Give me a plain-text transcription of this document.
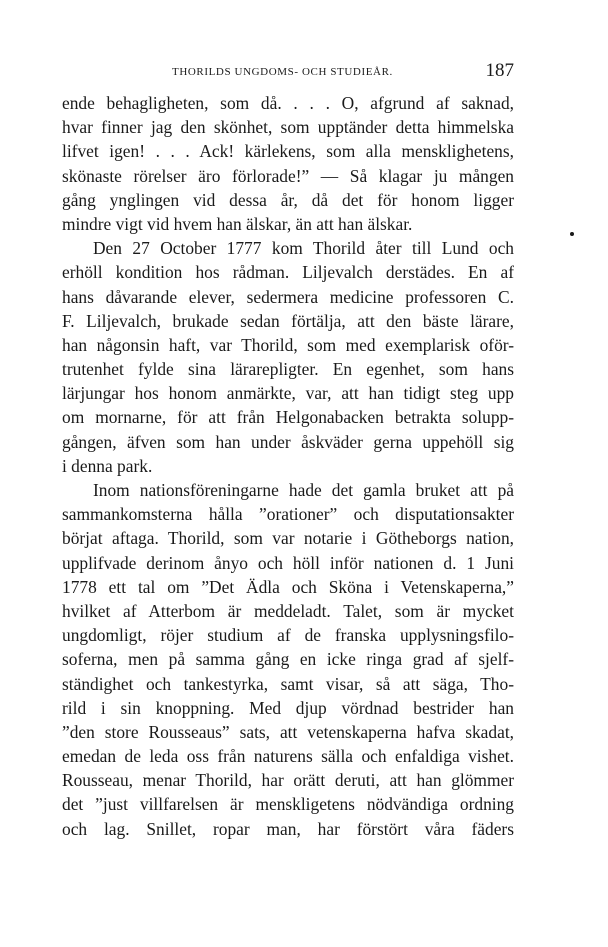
THORILDS UNGDOMS- OCH STUDIEÅR.	187
ende behagligheten, som då. . . . O, afgrund af saknad,
hvar finner jag den skönhet, som upptänder detta himmelska
lifvet igen! . . . Ack! kärlekens, som alla mensklighetens,
skönaste rörelser äro förlorade!” — Så klagar ju mången
gång ynglingen vid dessa år, då det för honom ligger
mindre vigt vid hvem han älskar, än att han älskar.
Den 27 October 1777 kom Thorild åter till Lund och
erhöll kondition hos rådman. Liljevalch derstädes. En af
hans dåvarande elever, sedermera medicine professoren C.
F. Liljevalch, brukade sedan förtälja, att den bäste lärare,
han någonsin haft, var Thorild, som med exemplarisk oför-
trutenhet fylde sina lärarepligter. En egenhet, som hans
lärjungar hos honom anmärkte, var, att han tidigt steg upp
om mornarne, för att från Helgonabacken betrakta solupp-
gången, äfven som han under åskväder gerna uppehöll sig
i denna park.
Inom nationsföreningarne hade det gamla bruket att på
sammankomsterna hålla ”orationer” och disputationsakter
börjat aftaga. Thorild, som var notarie i Götheborgs nation,
upplifvade derinom ånyo och höll inför nationen d. 1 Juni
1778 ett tal om ”Det Ädla och Sköna i Vetenskaperna,”
hvilket af Atterbom är meddeladt. Talet, som är mycket
ungdomligt, röjer studium af de franska upplysningsfilo-
soferna, men på samma gång en icke ringa grad af sjelf-
ständighet och tankestyrka, samt visar, så att säga, Tho-
rild i sin knoppning. Med djup vördnad bestrider han
”den store Rousseaus” sats, att vetenskaperna hafva skadat,
emedan de leda oss från naturens sälla och enfaldiga vishet.
Rousseau, menar Thorild, har orätt deruti, att han glömmer
det ”just villfarelsen är menskligetens nödvändiga ordning
och lag. Snillet, ropar man, har förstört våra fäders
